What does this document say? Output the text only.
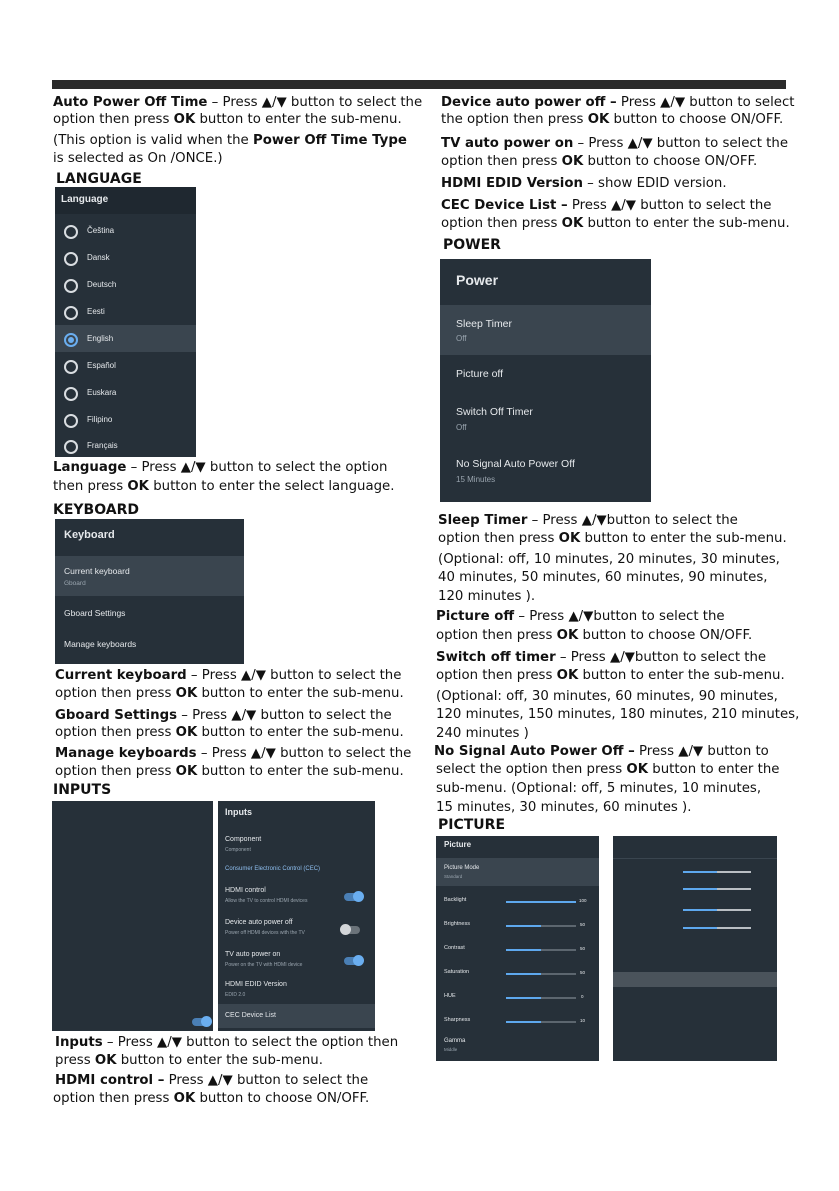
Auto Power Off Time – Press ▲/▼ button to select the
option then press OK button to enter the sub-menu.
(This option is valid when the Power Off Time Type
is selected as On /ONCE.)
LANGUAGE
Language
Čeština
Dansk
Deutsch
Eesti
English
Español
Euskara
Filipino
Français
Language – Press ▲/▼ button to select the option
then press OK button to enter the select language.
KEYBOARD
Keyboard
Current keyboard
Gboard
Gboard Settings
Manage keyboards
Current keyboard – Press ▲/▼ button to select the
option then press OK button to enter the sub-menu.
Gboard Settings – Press ▲/▼ button to select the
option then press OK button to enter the sub-menu.
Manage keyboards – Press ▲/▼ button to select the
option then press OK button to enter the sub-menu.
INPUTS
Inputs
Component
Component
Consumer Electronic Control (CEC)
HDMI control
Allow the TV to control HDMI devices
Device auto power off
Power off HDMI devices with the TV
TV auto power on
Power on the TV with HDMI device
HDMI EDID Version
EDID 2.0
CEC Device List
Inputs – Press ▲/▼ button to select the option then
press OK button to enter the sub-menu.
HDMI control – Press ▲/▼ button to select the
option then press OK button to choose ON/OFF.
Device auto power off – Press ▲/▼ button to select
the option then press OK button to choose ON/OFF.
TV auto power on – Press ▲/▼ button to select the
option then press OK button to choose ON/OFF.
HDMI EDID Version – show EDID version.
CEC Device List – Press ▲/▼ button to select the
option then press OK button to enter the sub-menu.
POWER
Power
Sleep Timer
Off
Picture off
Switch Off Timer
Off
No Signal Auto Power Off
15 Minutes
Sleep Timer – Press ▲/▼button to select the
option then press OK button to enter the sub-menu.
(Optional: off, 10 minutes, 20 minutes, 30 minutes,
40 minutes, 50 minutes, 60 minutes, 90 minutes,
120 minutes ).
Picture off – Press ▲/▼button to select the
option then press OK button to choose ON/OFF.
Switch off timer – Press ▲/▼button to select the
option then press OK button to enter the sub-menu.
(Optional: off, 30 minutes, 60 minutes, 90 minutes,
120 minutes, 150 minutes, 180 minutes, 210 minutes,
240 minutes )
No Signal Auto Power Off – Press ▲/▼ button to
select the option then press OK button to enter the
sub-menu. (Optional: off, 5 minutes, 10 minutes,
15 minutes, 30 minutes, 60 minutes ).
PICTURE
Picture
Picture Mode
Standard
Backlight	100
Brightness	50
Contrast	50
Saturation	50
HUE	0
Sharpness	10
Gamma
Middle
